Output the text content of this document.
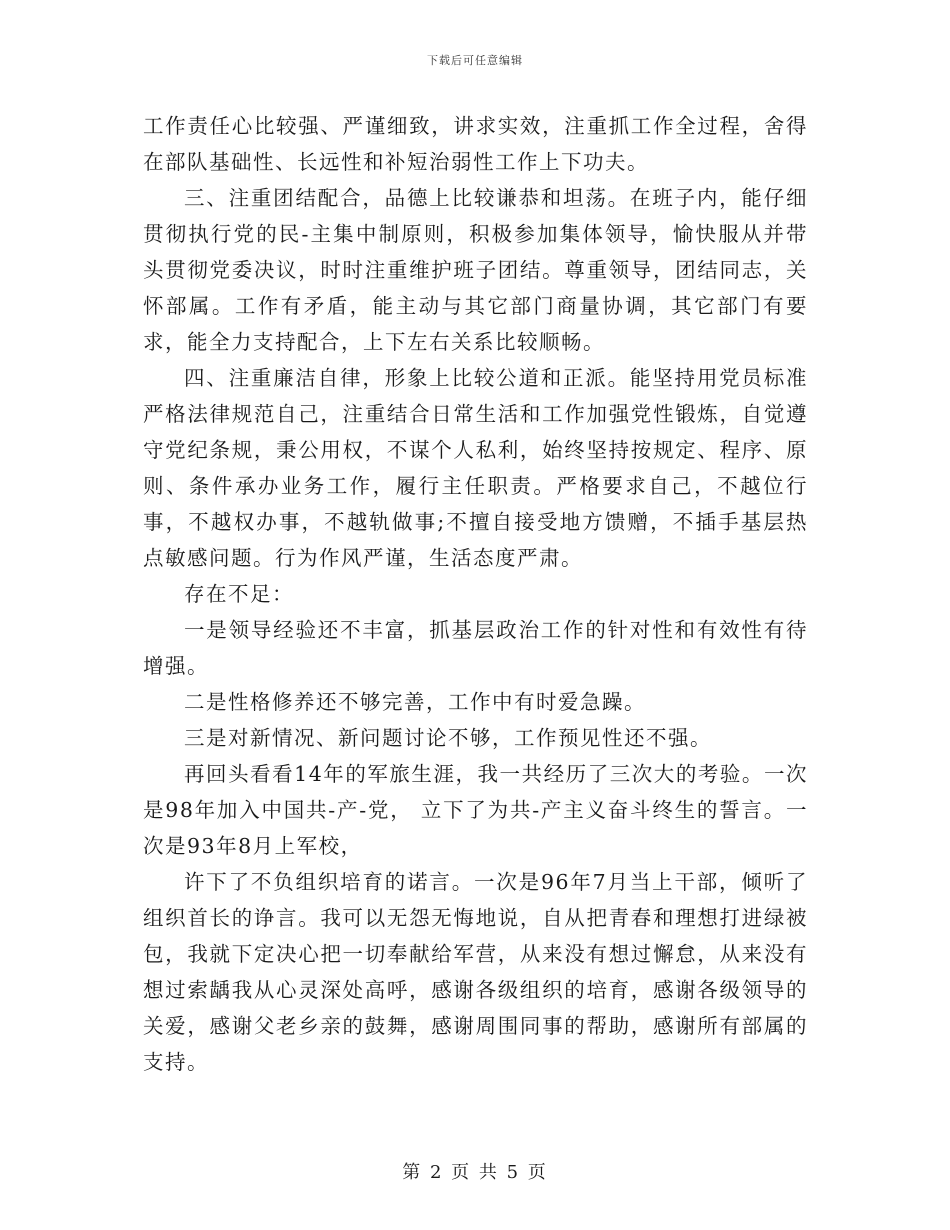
下载后可任意编辑

工作责任心比较强、严谨细致，讲求实效，注重抓工作全过程，舍得在部队基础性、长远性和补短治弱性工作上下功夫。

三、注重团结配合，品德上比较谦恭和坦荡。在班子内，能仔细贯彻执行党的民-主集中制原则，积极参加集体领导，愉快服从并带头贯彻党委决议，时时注重维护班子团结。尊重领导，团结同志，关怀部属。工作有矛盾，能主动与其它部门商量协调，其它部门有要求，能全力支持配合，上下左右关系比较顺畅。

四、注重廉洁自律，形象上比较公道和正派。能坚持用党员标准严格法律规范自己，注重结合日常生活和工作加强党性锻炼，自觉遵守党纪条规，秉公用权，不谋个人私利，始终坚持按规定、程序、原则、条件承办业务工作，履行主任职责。严格要求自己，不越位行事，不越权办事，不越轨做事;不擅自接受地方馈赠，不插手基层热点敏感问题。行为作风严谨，生活态度严肃。

存在不足：

一是领导经验还不丰富，抓基层政治工作的针对性和有效性有待增强。

二是性格修养还不够完善，工作中有时爱急躁。

三是对新情况、新问题讨论不够，工作预见性还不强。

再回头看看14年的军旅生涯，我一共经历了三次大的考验。一次是98年加入中国共-产-党， 立下了为共-产主义奋斗终生的誓言。一次是93年8月上军校，

许下了不负组织培育的诺言。一次是96年7月当上干部，倾听了组织首长的诤言。我可以无怨无悔地说，自从把青春和理想打进绿被包，我就下定决心把一切奉献给军营，从来没有想过懈怠，从来没有想过索龋我从心灵深处高呼，感谢各级组织的培育，感谢各级领导的关爱，感谢父老乡亲的鼓舞，感谢周围同事的帮助，感谢所有部属的支持。

第 2 页 共 5 页
